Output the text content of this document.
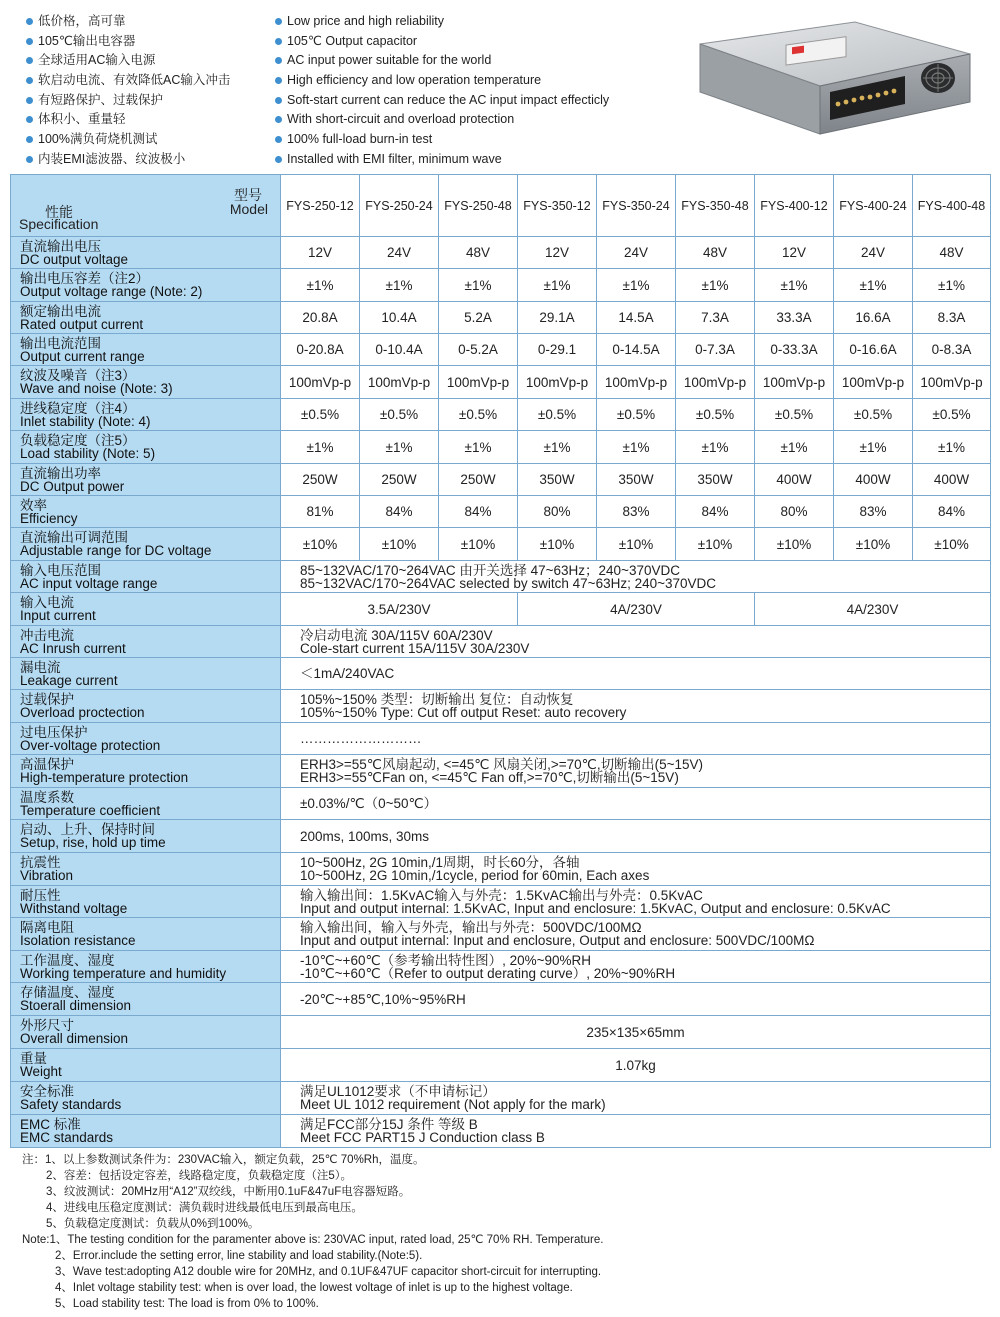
低价格，高可靠
105℃输出电容器
全球适用AC输入电源
软启动电流、有效降低AC输入冲击
有短路保护、过载保护
体积小、重量轻
100%满负荷烧机测试
内装EMI滤波器、纹波极小
Low price and high reliability
105℃ Output capacitor
AC input power suitable for the world
High efficiency and low operation temperature
Soft-start current can reduce the AC input impact effecticly
With short-circuit and overload protection
100% full-load burn-in test
Installed with EMI filter, minimum wave
型号
Model
性能
Specification	FYS-250-12	FYS-250-24	FYS-250-48	FYS-350-12	FYS-350-24	FYS-350-48	FYS-400-12	FYS-400-24	FYS-400-48

直流输出电压
DC output voltage	12V	24V	48V	12V	24V	48V	12V	24V	48V

输出电压容差（注2）
Output voltage range (Note: 2)	±1%	±1%	±1%	±1%	±1%	±1%	±1%	±1%	±1%

额定输出电流
Rated output current	20.8A	10.4A	5.2A	29.1A	14.5A	7.3A	33.3A	16.6A	8.3A

输出电流范围
Output current range	0-20.8A	0-10.4A	0-5.2A	0-29.1	0-14.5A	0-7.3A	0-33.3A	0-16.6A	0-8.3A

纹波及噪音（注3）
Wave and noise (Note: 3)	100mVp-p	100mVp-p	100mVp-p	100mVp-p	100mVp-p	100mVp-p	100mVp-p	100mVp-p	100mVp-p

进线稳定度（注4）
Inlet stability (Note: 4)	±0.5%	±0.5%	±0.5%	±0.5%	±0.5%	±0.5%	±0.5%	±0.5%	±0.5%

负载稳定度（注5）
Load stability (Note: 5)	±1%	±1%	±1%	±1%	±1%	±1%	±1%	±1%	±1%

直流输出功率
DC Output power	250W	250W	250W	350W	350W	350W	400W	400W	400W

效率
Efficiency	81%	84%	84%	80%	83%	84%	80%	83%	84%

直流输出可调范围
Adjustable range for DC voltage	±10%	±10%	±10%	±10%	±10%	±10%	±10%	±10%	±10%

输入电压范围
AC input voltage range	85~132VAC/170~264VAC 由开关选择 47~63Hz；240~370VDC
85~132VAC/170~264VAC selected by switch 47~63Hz; 240~370VDC								

输入电流
Input current	3.5A/230V			4A/230V			4A/230V		

冲击电流
AC Inrush current	冷启动电流 30A/115V 60A/230V
Cole-start current 15A/115V 30A/230V								

漏电流
Leakage current	＜1mA/240VAC								

过载保护
Overload proctection	105%~150% 类型：切断输出 复位：自动恢复
105%~150% Type: Cut off output Reset: auto recovery								

过电压保护
Over-voltage protection	………………………								

高温保护
High-temperature protection	ERH3>=55℃风扇起动, <=45℃ 风扇关闭,>=70℃,切断输出(5~15V)
ERH3>=55℃Fan on, <=45℃ Fan off,>=70℃,切断输出(5~15V)								

温度系数
Temperature coefficient	±0.03%/℃（0~50℃）								

启动、上升、保持时间
Setup, rise, hold up time	200ms, 100ms, 30ms								

抗震性
Vibration	10~500Hz, 2G 10min,/1周期，时长60分，各轴
10~500Hz, 2G 10min,/1cycle, period for 60min, Each axes								

耐压性
Withstand voltage	输入输出间：1.5KvAC输入与外壳：1.5KvAC输出与外壳：0.5KvAC
Input and output internal: 1.5KvAC, Input and enclosure: 1.5KvAC, Output and enclosure: 0.5KvAC								

隔离电阻
Isolation resistance	输入输出间，输入与外壳，输出与外壳：500VDC/100MΩ
Input and output internal: Input and enclosure, Output and enclosure: 500VDC/100MΩ								

工作温度、湿度
Working temperature and humidity	-10℃~+60℃（参考输出特性图）, 20%~90%RH
-10℃~+60℃（Refer to output derating curve）, 20%~90%RH								

存储温度、湿度
Stoerall dimension	-20℃~+85℃,10%~95%RH								

外形尺寸
Overall dimension	235×135×65mm								

重量
Weight	1.07kg								

安全标准
Safety standards	满足UL1012要求（不申请标记）
Meet UL 1012 requirement (Not apply for the mark)								

EMC 标准
EMC standards	满足FCC部分15J 条件 等级 B
Meet FCC PART15 J Conduction class B								
注：1、以上参数测试条件为：230VAC输入，额定负载，25℃ 70%Rh，温度。
2、容差：包括设定容差，线路稳定度，负载稳定度（注5）。
3、纹波测试：20MHz用“A12”双绞线，中断用0.1uF&47uF电容器短路。
4、进线电压稳定度测试：满负载时进线最低电压到最高电压。
5、负载稳定度测试：负载从0%到100%。
Note:1、The testing condition for the paramenter above is: 230VAC input, rated load, 25℃ 70% RH. Temperature.
2、Error.include the setting error, line stability and load stability.(Note:5).
3、Wave test:adopting A12 double wire for 20MHz, and 0.1UF&47UF capacitor short-circuit for interrupting.
4、Inlet voltage stability test: when is over load, the lowest voltage of inlet is up to the highest voltage.
5、Load stability test: The load is from 0% to 100%.
